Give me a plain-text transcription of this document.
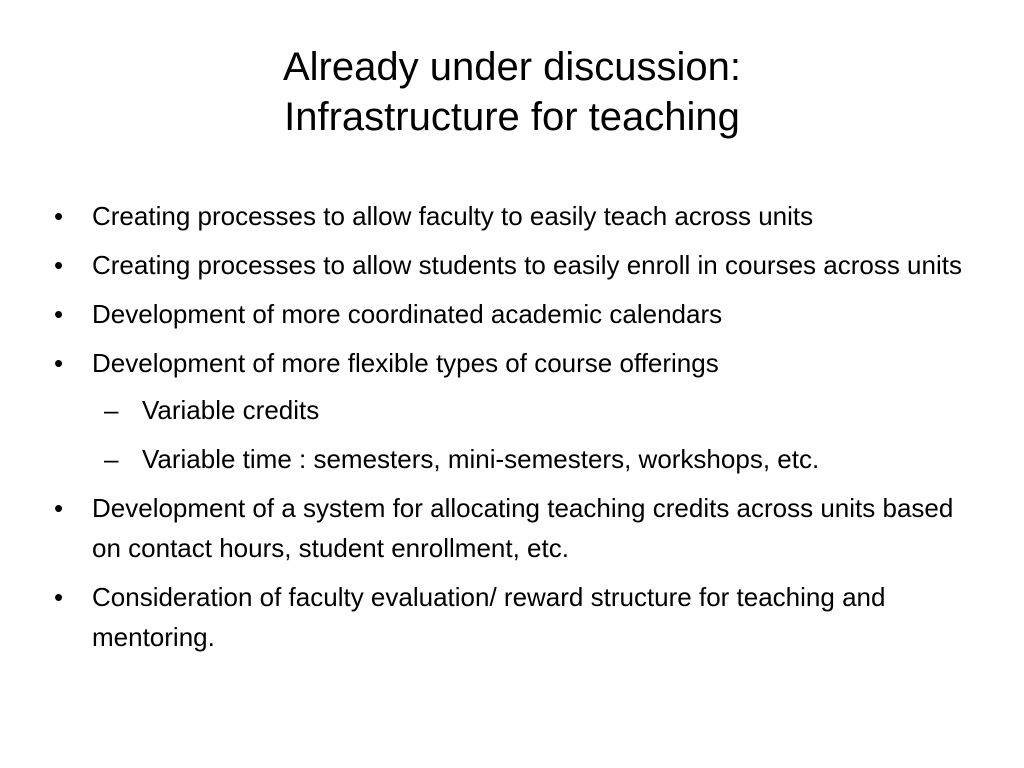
Already under discussion:
Infrastructure for teaching
•	Creating processes to allow faculty to easily teach across units
•	Creating processes to allow students to easily enroll in courses across units
•	Development of more coordinated academic calendars
•	Development of more flexible types of course offerings
– Variable credits
– Variable time : semesters, mini-semesters, workshops, etc.
•	Development of a system for allocating teaching credits across units based on contact hours, student enrollment, etc.
•	Consideration of faculty evaluation/ reward structure for teaching and mentoring.
